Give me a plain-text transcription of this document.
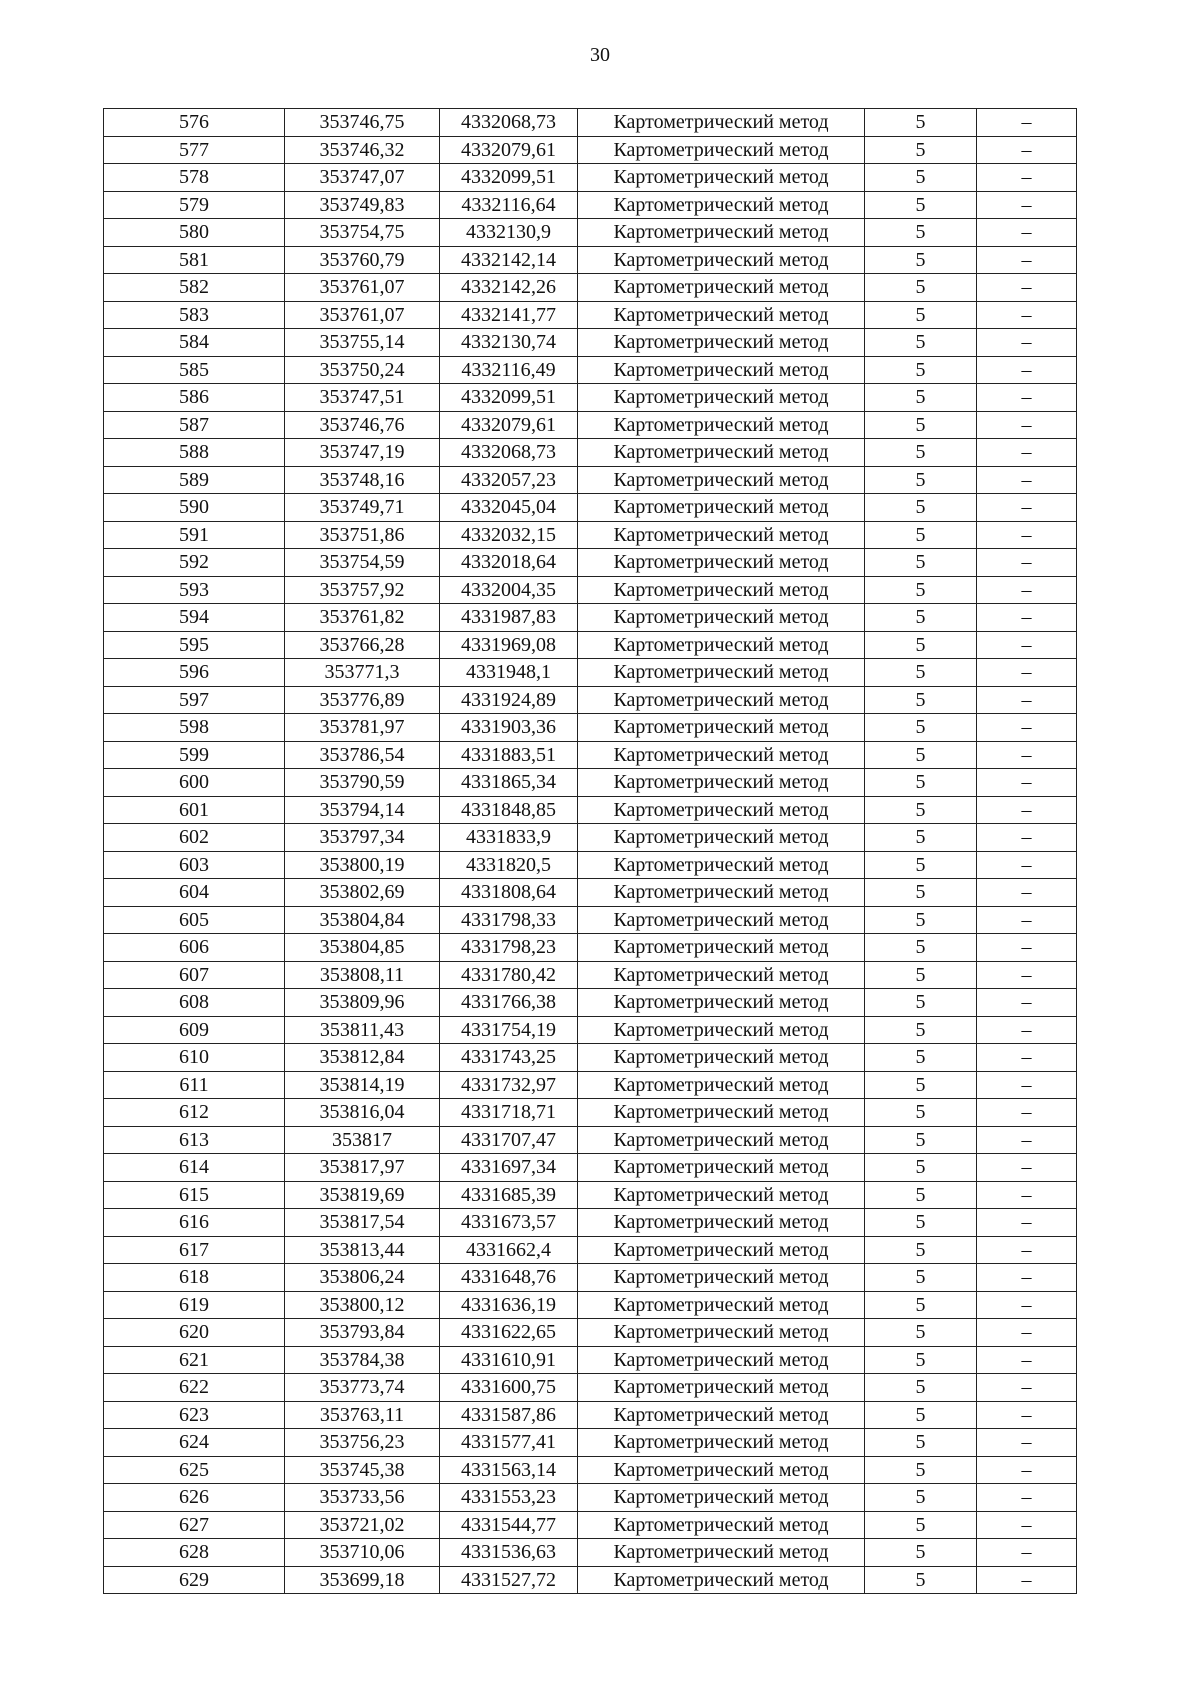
30
576	353746,75	4332068,73	Картометрический метод	5	–
577	353746,32	4332079,61	Картометрический метод	5	–
578	353747,07	4332099,51	Картометрический метод	5	–
579	353749,83	4332116,64	Картометрический метод	5	–
580	353754,75	4332130,9	Картометрический метод	5	–
581	353760,79	4332142,14	Картометрический метод	5	–
582	353761,07	4332142,26	Картометрический метод	5	–
583	353761,07	4332141,77	Картометрический метод	5	–
584	353755,14	4332130,74	Картометрический метод	5	–
585	353750,24	4332116,49	Картометрический метод	5	–
586	353747,51	4332099,51	Картометрический метод	5	–
587	353746,76	4332079,61	Картометрический метод	5	–
588	353747,19	4332068,73	Картометрический метод	5	–
589	353748,16	4332057,23	Картометрический метод	5	–
590	353749,71	4332045,04	Картометрический метод	5	–
591	353751,86	4332032,15	Картометрический метод	5	–
592	353754,59	4332018,64	Картометрический метод	5	–
593	353757,92	4332004,35	Картометрический метод	5	–
594	353761,82	4331987,83	Картометрический метод	5	–
595	353766,28	4331969,08	Картометрический метод	5	–
596	353771,3	4331948,1	Картометрический метод	5	–
597	353776,89	4331924,89	Картометрический метод	5	–
598	353781,97	4331903,36	Картометрический метод	5	–
599	353786,54	4331883,51	Картометрический метод	5	–
600	353790,59	4331865,34	Картометрический метод	5	–
601	353794,14	4331848,85	Картометрический метод	5	–
602	353797,34	4331833,9	Картометрический метод	5	–
603	353800,19	4331820,5	Картометрический метод	5	–
604	353802,69	4331808,64	Картометрический метод	5	–
605	353804,84	4331798,33	Картометрический метод	5	–
606	353804,85	4331798,23	Картометрический метод	5	–
607	353808,11	4331780,42	Картометрический метод	5	–
608	353809,96	4331766,38	Картометрический метод	5	–
609	353811,43	4331754,19	Картометрический метод	5	–
610	353812,84	4331743,25	Картометрический метод	5	–
611	353814,19	4331732,97	Картометрический метод	5	–
612	353816,04	4331718,71	Картометрический метод	5	–
613	353817	4331707,47	Картометрический метод	5	–
614	353817,97	4331697,34	Картометрический метод	5	–
615	353819,69	4331685,39	Картометрический метод	5	–
616	353817,54	4331673,57	Картометрический метод	5	–
617	353813,44	4331662,4	Картометрический метод	5	–
618	353806,24	4331648,76	Картометрический метод	5	–
619	353800,12	4331636,19	Картометрический метод	5	–
620	353793,84	4331622,65	Картометрический метод	5	–
621	353784,38	4331610,91	Картометрический метод	5	–
622	353773,74	4331600,75	Картометрический метод	5	–
623	353763,11	4331587,86	Картометрический метод	5	–
624	353756,23	4331577,41	Картометрический метод	5	–
625	353745,38	4331563,14	Картометрический метод	5	–
626	353733,56	4331553,23	Картометрический метод	5	–
627	353721,02	4331544,77	Картометрический метод	5	–
628	353710,06	4331536,63	Картометрический метод	5	–
629	353699,18	4331527,72	Картометрический метод	5	–
